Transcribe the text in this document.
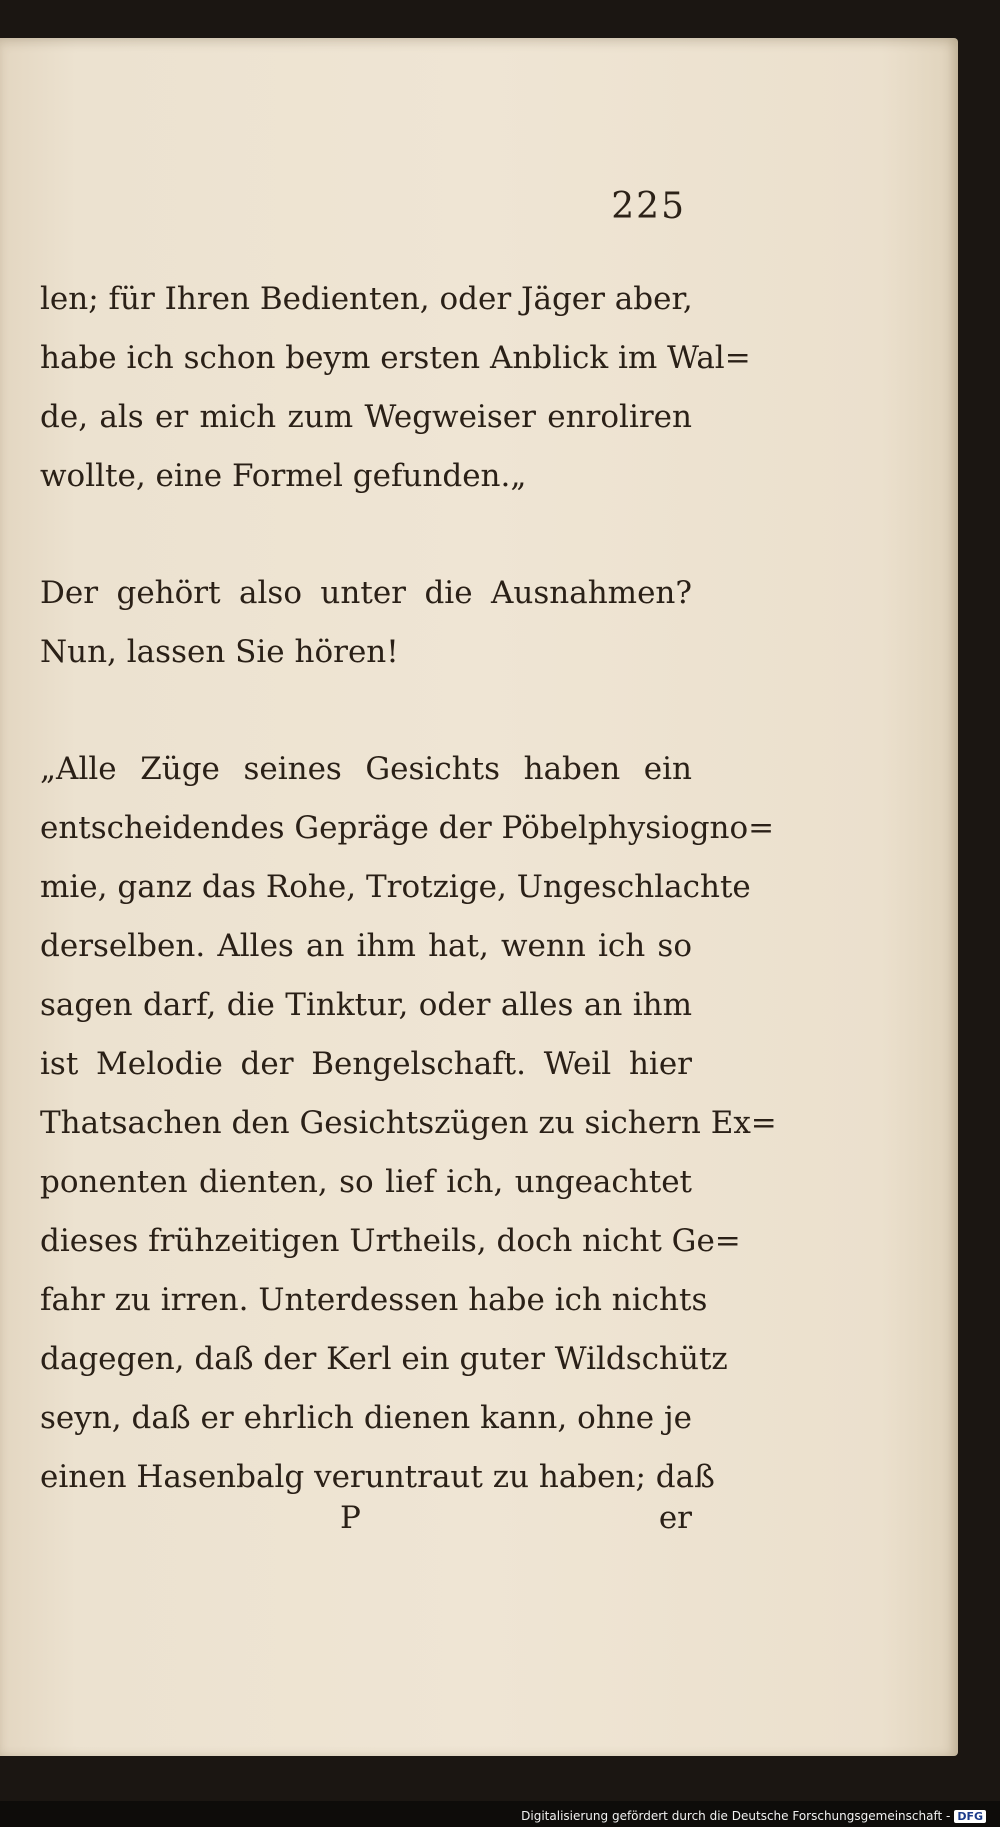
225
len; für Ihren Bedienten, oder Jäger aber,
habe ich schon beym ersten Anblick im Wal=
de, als er mich zum Wegweiser enroliren
wollte, eine Formel gefunden.„
Der gehört also unter die Ausnahmen?
Nun, lassen Sie hören!
„Alle Züge seines Gesichts haben ein
entscheidendes Gepräge der Pöbelphysiogno=
mie, ganz das Rohe, Trotzige, Ungeschlachte
derselben. Alles an ihm hat, wenn ich so
sagen darf, die Tinktur, oder alles an ihm
ist Melodie der Bengelschaft. Weil hier
Thatsachen den Gesichtszügen zu sichern Ex=
ponenten dienten, so lief ich, ungeachtet
dieses frühzeitigen Urtheils, doch nicht Ge=
fahr zu irren. Unterdessen habe ich nichts
dagegen, daß der Kerl ein guter Wildschütz
seyn, daß er ehrlich dienen kann, ohne je
einen Hasenbalg veruntraut zu haben; daß
P	er
Digitalisierung gefördert durch die Deutsche Forschungsgemeinschaft - DFG
